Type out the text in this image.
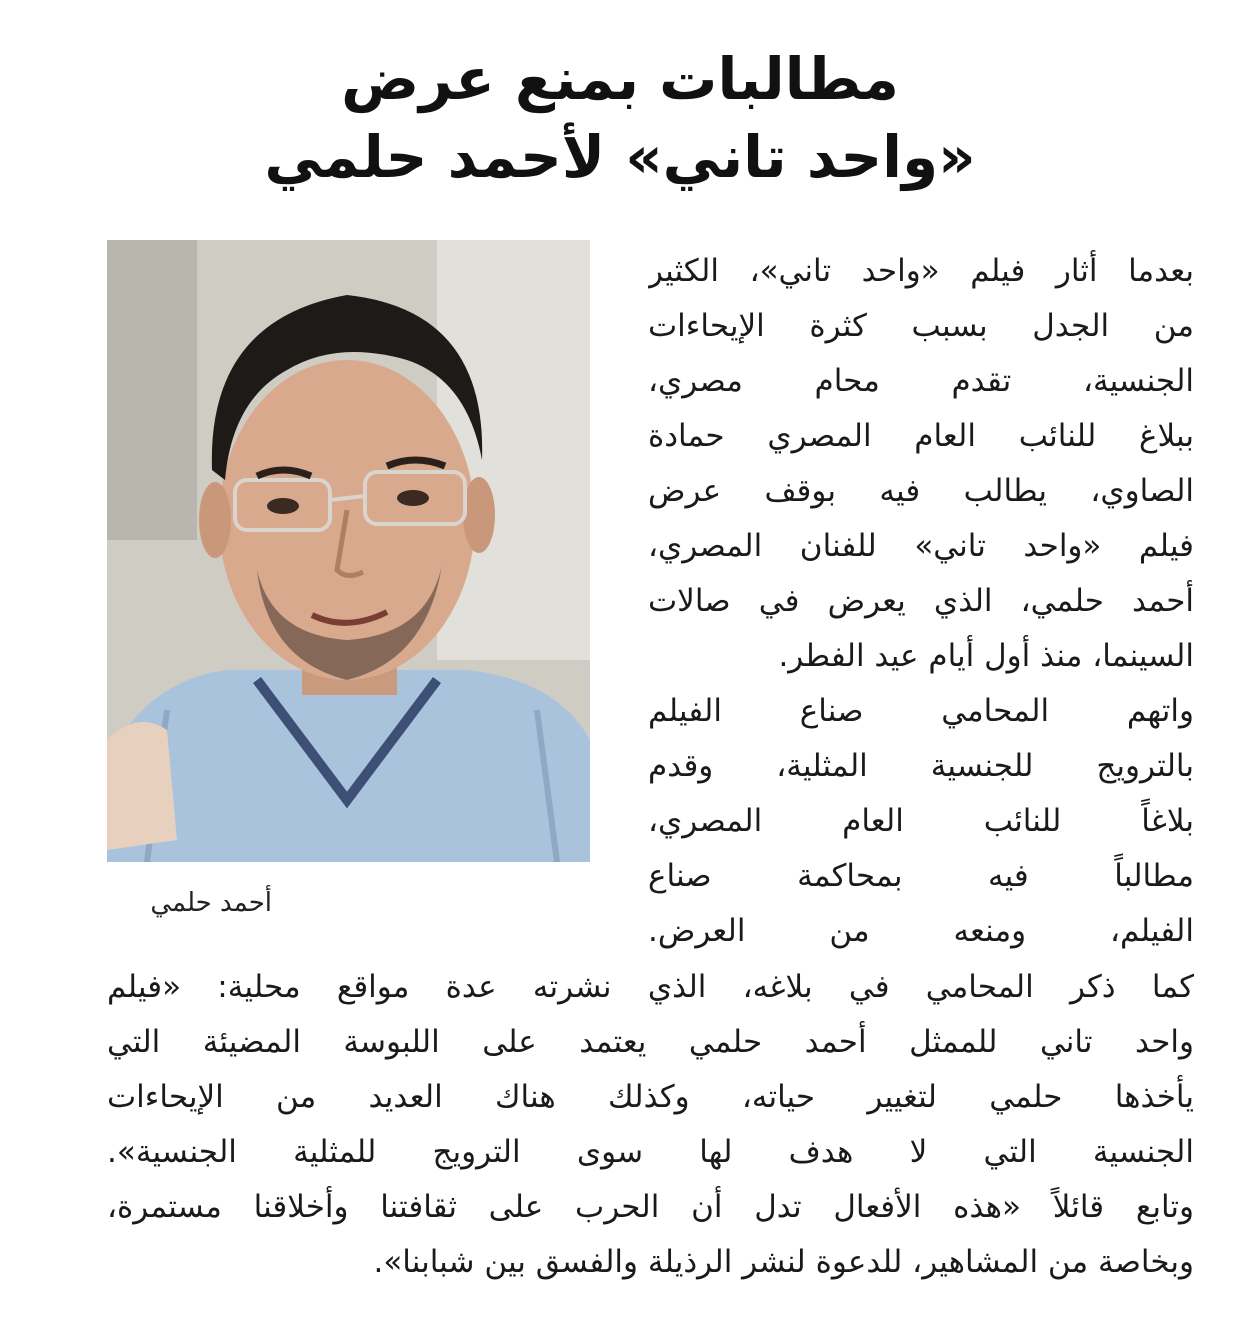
مطالبات بمنع عرض
«واحد تاني» لأحمد حلمي
أحمد حلمي
بعدما أثار فيلم «واحد تاني»، الكثير
من الجدل بسبب كثرة الإيحاءات
الجنسية، تقدم محام مصري،
ببلاغ للنائب العام المصري حمادة
الصاوي، يطالب فيه بوقف عرض
فيلم «واحد تاني» للفنان المصري،
أحمد حلمي، الذي يعرض في صالات
السينما، منذ أول أيام عيد الفطر.
واتهم المحامي صناع الفيلم
بالترويج للجنسية المثلية، وقدم
بلاغاً للنائب العام المصري،
مطالباً فيه بمحاكمة صناع
الفيلم، ومنعه من العرض.
كما ذكر المحامي في بلاغه، الذي نشرته عدة مواقع محلية: «فيلم
واحد تاني للممثل أحمد حلمي يعتمد على اللبوسة المضيئة التي
يأخذها حلمي لتغيير حياته، وكذلك هناك العديد من الإيحاءات
الجنسية التي لا هدف لها سوى الترويج للمثلية الجنسية».
وتابع قائلاً «هذه الأفعال تدل أن الحرب على ثقافتنا وأخلاقنا مستمرة،
وبخاصة من المشاهير، للدعوة لنشر الرذيلة والفسق بين شبابنا».
